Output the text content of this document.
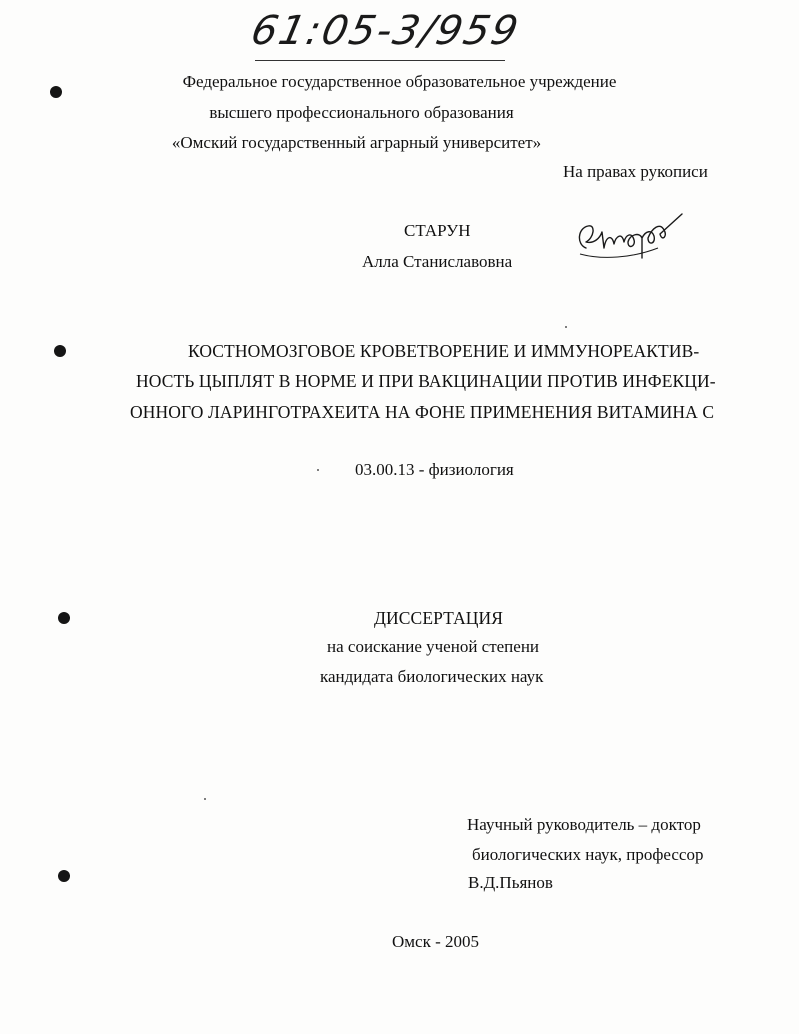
61:05-3/959
Федеральное государственное образовательное учреждение
высшего профессионального образования
«Омский государственный аграрный университет»
На правах рукописи
СТАРУН
Алла Станиславовна
КОСТНОМОЗГОВОЕ КРОВЕТВОРЕНИЕ И ИММУНОРЕАКТИВ-
НОСТЬ ЦЫПЛЯТ В НОРМЕ И ПРИ ВАКЦИНАЦИИ ПРОТИВ ИНФЕКЦИ-
ОННОГО ЛАРИНГОТРАХЕИТА НА ФОНЕ ПРИМЕНЕНИЯ ВИТАМИНА С
03.00.13 - физиология
ДИССЕРТАЦИЯ
на соискание ученой степени
кандидата биологических наук
Научный руководитель – доктор
биологических наук, профессор
В.Д.Пьянов
Омск - 2005
